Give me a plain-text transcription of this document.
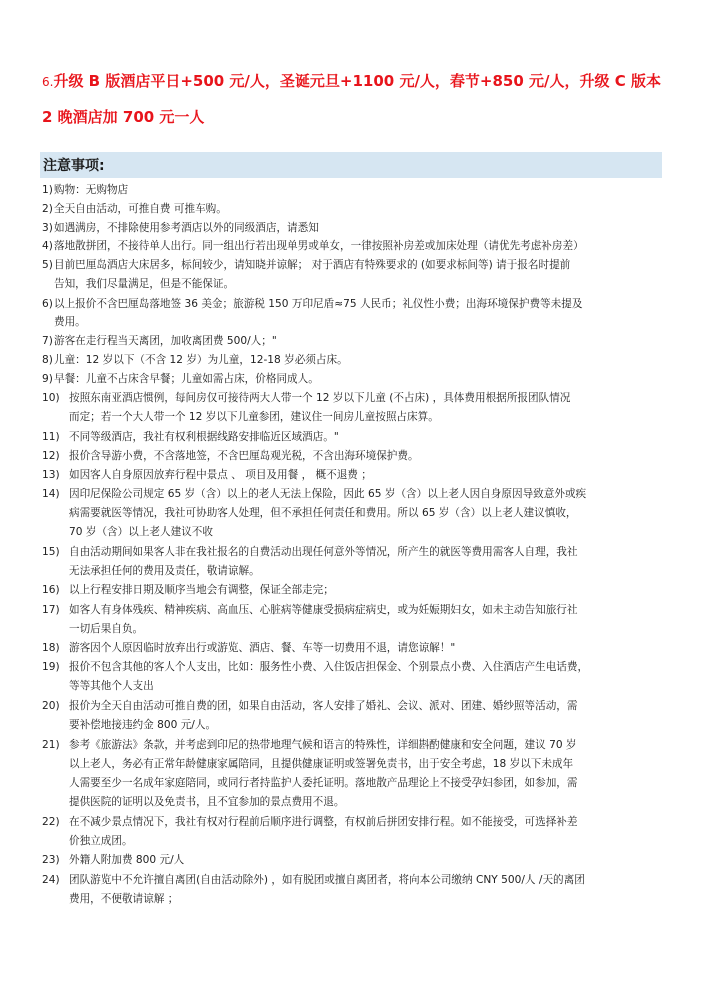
6.升级 B 版酒店平日+500 元/人，圣诞元旦+1100 元/人，春节+850 元/人，升级 C 版本
2 晚酒店加 700 元一人
注意事项:
1) 购物：无购物店
2) 全天自由活动，可推自费 可推车购。
3) 如遇满房，不排除使用参考酒店以外的同级酒店，请悉知
4) 落地散拼团，不接待单人出行。同一组出行若出现单男或单女，一律按照补房差或加床处理（请优先考虑补房差）
5) 目前巴厘岛酒店大床居多，标间较少，请知晓并谅解； 对于酒店有特殊要求的 (如要求标间等) 请于报名时提前
告知，我们尽量满足，但是不能保证。
6) 以上报价不含巴厘岛落地签 36 美金；旅游税 150 万印尼盾≈75 人民币；礼仪性小费；出海环境保护费等未提及
费用。
7) 游客在走行程当天离团，加收离团费 500/人；"
8) 儿童：12 岁以下（不含 12 岁）为儿童，12-18 岁必须占床。
9) 早餐：儿童不占床含早餐；儿童如需占床，价格同成人。
10) 按照东南亚酒店惯例，每间房仅可接待两大人带一个 12 岁以下儿童 (不占床) ，具体费用根据所报团队情况
而定；若一个大人带一个 12 岁以下儿童参团，建议住一间房儿童按照占床算。
11) 不同等级酒店，我社有权利根据线路安排临近区域酒店。"
12) 报价含导游小费，不含落地签，不含巴厘岛观光税，不含出海环境保护费。
13) 如因客人自身原因放弃行程中景点 、 项目及用餐 ， 概不退费 ；
14) 因印尼保险公司规定 65 岁（含）以上的老人无法上保险，因此 65 岁（含）以上老人因自身原因导致意外或疾
病需要就医等情况，我社可协助客人处理，但不承担任何责任和费用。所以 65 岁（含）以上老人建议慎收，
70 岁（含）以上老人建议不收
15) 自由活动期间如果客人非在我社报名的自费活动出现任何意外等情况，所产生的就医等费用需客人自理，我社
无法承担任何的费用及责任，敬请谅解。
16) 以上行程安排日期及顺序当地会有调整，保证全部走完；
17) 如客人有身体残疾、精神疾病、高血压、心脏病等健康受损病症病史，或为妊娠期妇女，如未主动告知旅行社
一切后果自负。
18) 游客因个人原因临时放弃出行或游览、酒店、餐、车等一切费用不退，请您谅解！"
19) 报价不包含其他的客人个人支出，比如：服务性小费、入住饭店担保金、个别景点小费、入住酒店产生电话费，
等等其他个人支出
20) 报价为全天自由活动可推自费的团，如果自由活动，客人安排了婚礼、会议、派对、团建、婚纱照等活动，需
要补偿地接违约金 800 元/人。
21) 参考《旅游法》条款，并考虑到印尼的热带地理气候和语言的特殊性，详细斟酌健康和安全问题，建议 70 岁
以上老人，务必有正常年龄健康家属陪同，且提供健康证明或签署免责书，出于安全考虑，18 岁以下未成年
人需要至少一名成年家庭陪同，或同行者持监护人委托证明。落地散产品理论上不接受孕妇参团，如参加，需
提供医院的证明以及免责书，且不宜参加的景点费用不退。
22) 在不减少景点情况下，我社有权对行程前后顺序进行调整，有权前后拼团安排行程。如不能接受，可选择补差
价独立成团。
23) 外籍人附加费 800 元/人
24) 团队游览中不允许擅自离团(自由活动除外) ，如有脱团或擅自离团者，将向本公司缴纳 CNY 500/人 /天的离团
费用，不便敬请谅解 ；
